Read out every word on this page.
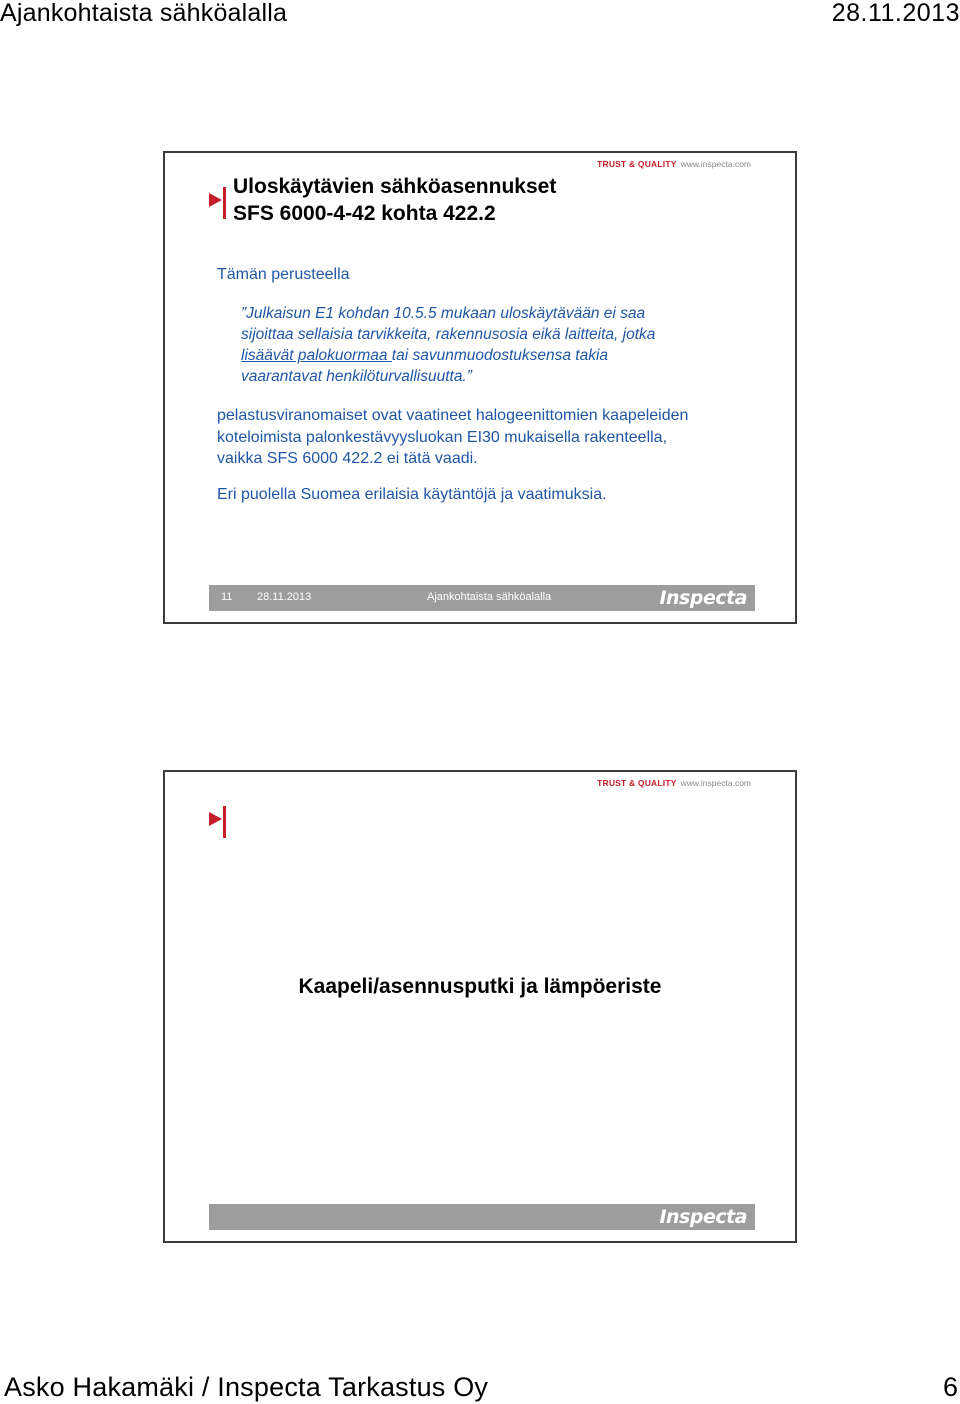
Ajankohtaista sähköalalla	28.11.2013
TRUST & QUALITY www.inspecta.com
Uloskäytävien sähköasennukset
SFS 6000-4-42 kohta 422.2
Tämän perusteella
”Julkaisun E1 kohdan 10.5.5 mukaan uloskäytävään ei saa
sijoittaa sellaisia tarvikkeita, rakennusosia eikä laitteita, jotka
lisäävät palokuormaa tai savunmuodostuksensa takia
vaarantavat henkilöturvallisuutta.”
pelastusviranomaiset ovat vaatineet halogeenittomien kaapeleiden
koteloimista palonkestävyysluokan EI30 mukaisella rakenteella,
vaikka SFS 6000 422.2 ei tätä vaadi.
Eri puolella Suomea erilaisia käytäntöjä ja vaatimuksia.
11 28.11.2013	Ajankohtaista sähköalalla	Inspecta
TRUST & QUALITY www.inspecta.com
Kaapeli/asennusputki ja lämpöeriste
Inspecta
Asko Hakamäki / Inspecta Tarkastus Oy	6
